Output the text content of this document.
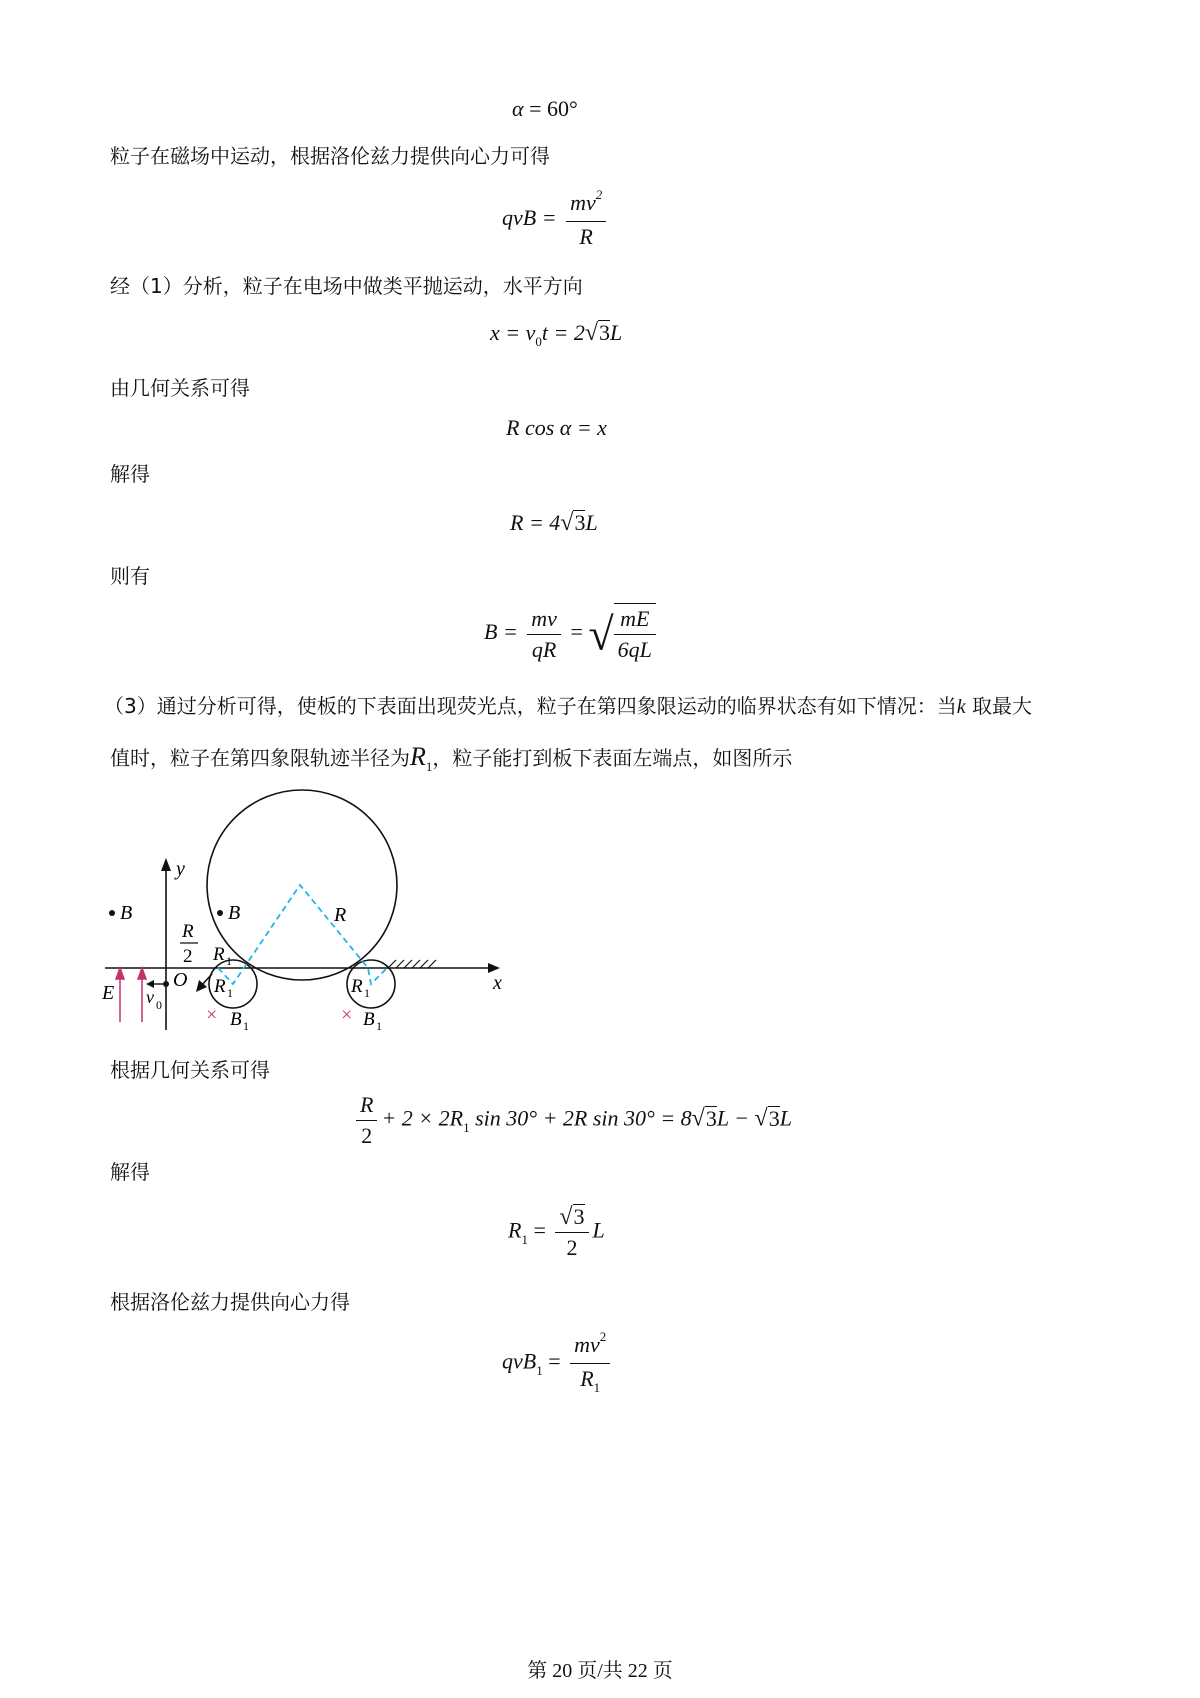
α = 60°
粒子在磁场中运动，根据洛伦兹力提供向心力可得
qvB = $\frac{mv^2}{R}$
经（1）分析，粒子在电场中做类平抛运动，水平方向
$x = v_0t = 2√3L$
由几何关系可得
R cos α = x
解得
R = 4√3L
则有
$B = \frac{mv}{qR}$ = √ $\frac{mE}{6qL}$
（3）通过分析可得，使板的下表面出现荧光点，粒子在第四象限运动的临界状态有如下情况：当k 取最大
值时，粒子在第四象限轨迹半径为$R_1$，粒子能打到板下表面左端点，如图所示
y
x
O
E v 0
B	B	R
R
2 R 1
R 1	R 1
× B 1	× B 1
根据几何关系可得
$\frac{R}{2} + 2 \times 2R_1$ sin 30° + 2R sin 30° = 8√3L − √3L
解得
$R_1 = \frac{√3}{2}$ L
根据洛伦兹力提供向心力得
$qvB_1 = \frac{mv^2}{R_1}$
第 20 页/共 22 页
